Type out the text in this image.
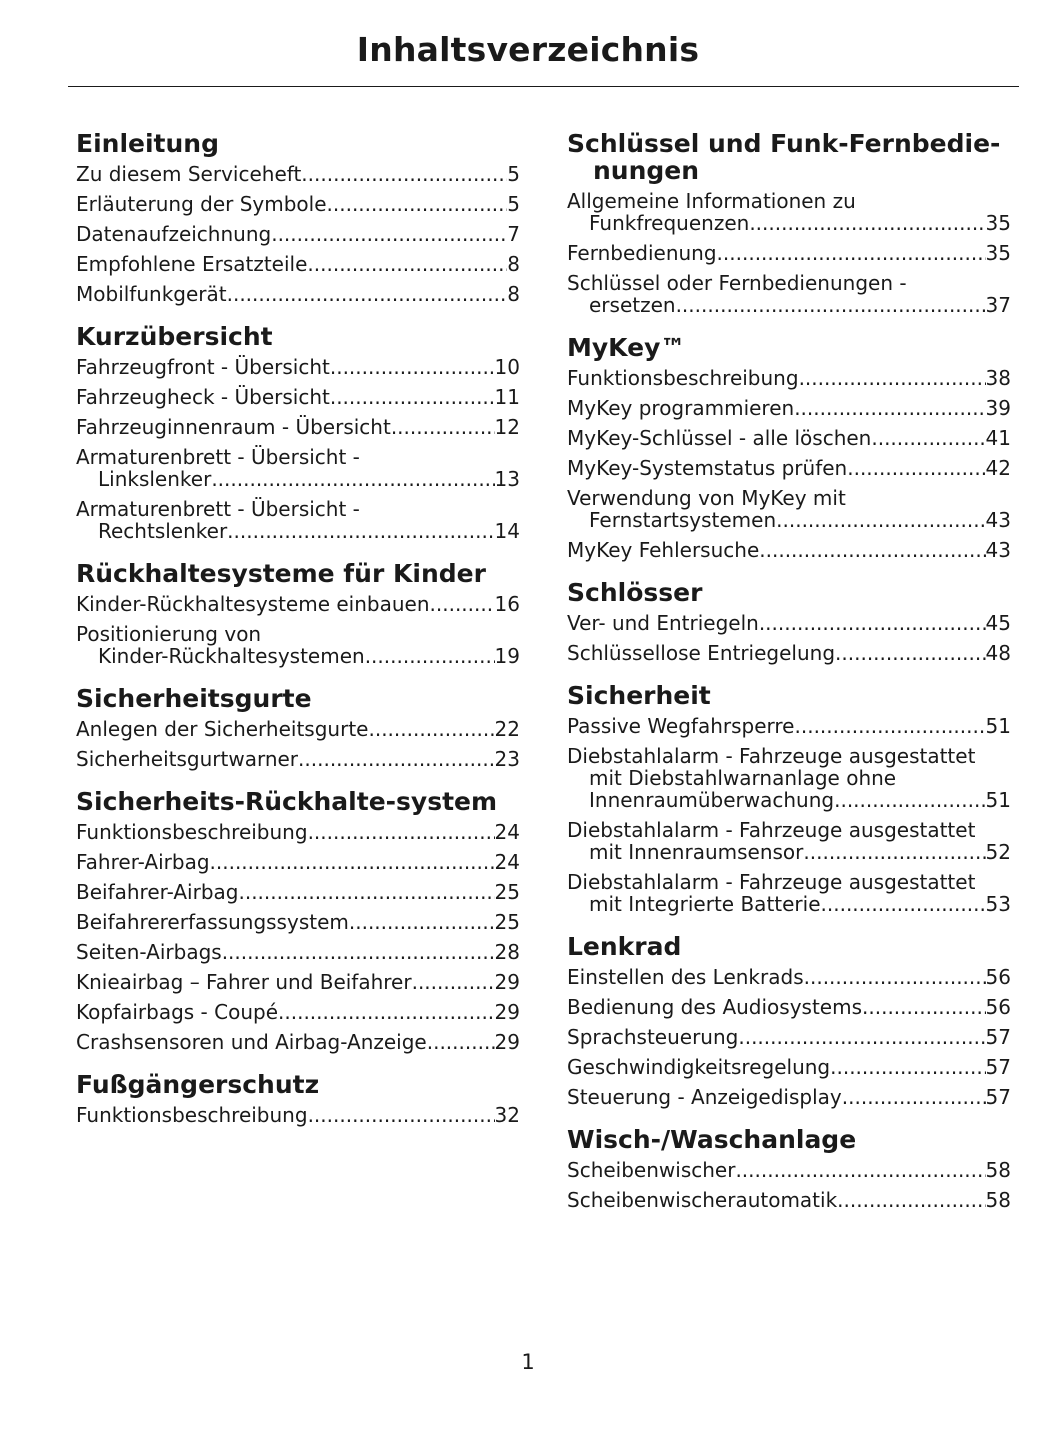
Inhaltsverzeichnis
Einleitung
Zu diesem Serviceheft .....	5
Erläuterung der Symbole .....	5
Datenaufzeichnung .....	7
Empfohlene Ersatzteile .....	8
Mobilfunkgerät .....	8
Kurzübersicht
Fahrzeugfront - Übersicht .....	10
Fahrzeugheck - Übersicht .....	11
Fahrzeuginnenraum - Übersicht .....	12
Armaturenbrett - Übersicht -
Linkslenker .....	13
Armaturenbrett - Übersicht -
Rechtslenker .....	14
Rückhaltesysteme für Kinder
Kinder-Rückhaltesysteme einbauen .....	16
Positionierung von
Kinder-Rückhaltesystemen .....	19
Sicherheitsgurte
Anlegen der Sicherheitsgurte .....	22
Sicherheitsgurtwarner .....	23
Sicherheits-Rückhalte-system
Funktionsbeschreibung .....	24
Fahrer-Airbag .....	24
Beifahrer-Airbag .....	25
Beifahrererfassungssystem .....	25
Seiten-Airbags .....	28
Knieairbag – Fahrer und Beifahrer .....	29
Kopfairbags - Coupé .....	29
Crashsensoren und Airbag-Anzeige .....	29
Fußgängerschutz
Funktionsbeschreibung .....	32
Schlüssel und Funk-Fernbedie-nungen
Allgemeine Informationen zu
Funkfrequenzen .....	35
Fernbedienung .....	35
Schlüssel oder Fernbedienungen -
ersetzen .....	37
MyKey™
Funktionsbeschreibung .....	38
MyKey programmieren .....	39
MyKey-Schlüssel - alle löschen .....	41
MyKey-Systemstatus prüfen .....	42
Verwendung von MyKey mit
Fernstartsystemen .....	43
MyKey Fehlersuche .....	43
Schlösser
Ver- und Entriegeln .....	45
Schlüssellose Entriegelung .....	48
Sicherheit
Passive Wegfahrsperre .....	51
Diebstahlalarm - Fahrzeuge ausgestattet
mit Diebstahlwarnanlage ohne
Innenraumüberwachung .....	51
Diebstahlalarm - Fahrzeuge ausgestattet
mit Innenraumsensor .....	52
Diebstahlalarm - Fahrzeuge ausgestattet
mit Integrierte Batterie .....	53
Lenkrad
Einstellen des Lenkrads .....	56
Bedienung des Audiosystems .....	56
Sprachsteuerung .....	57
Geschwindigkeitsregelung .....	57
Steuerung - Anzeigedisplay .....	57
Wisch-/Waschanlage
Scheibenwischer .....	58
Scheibenwischerautomatik .....	58
1
